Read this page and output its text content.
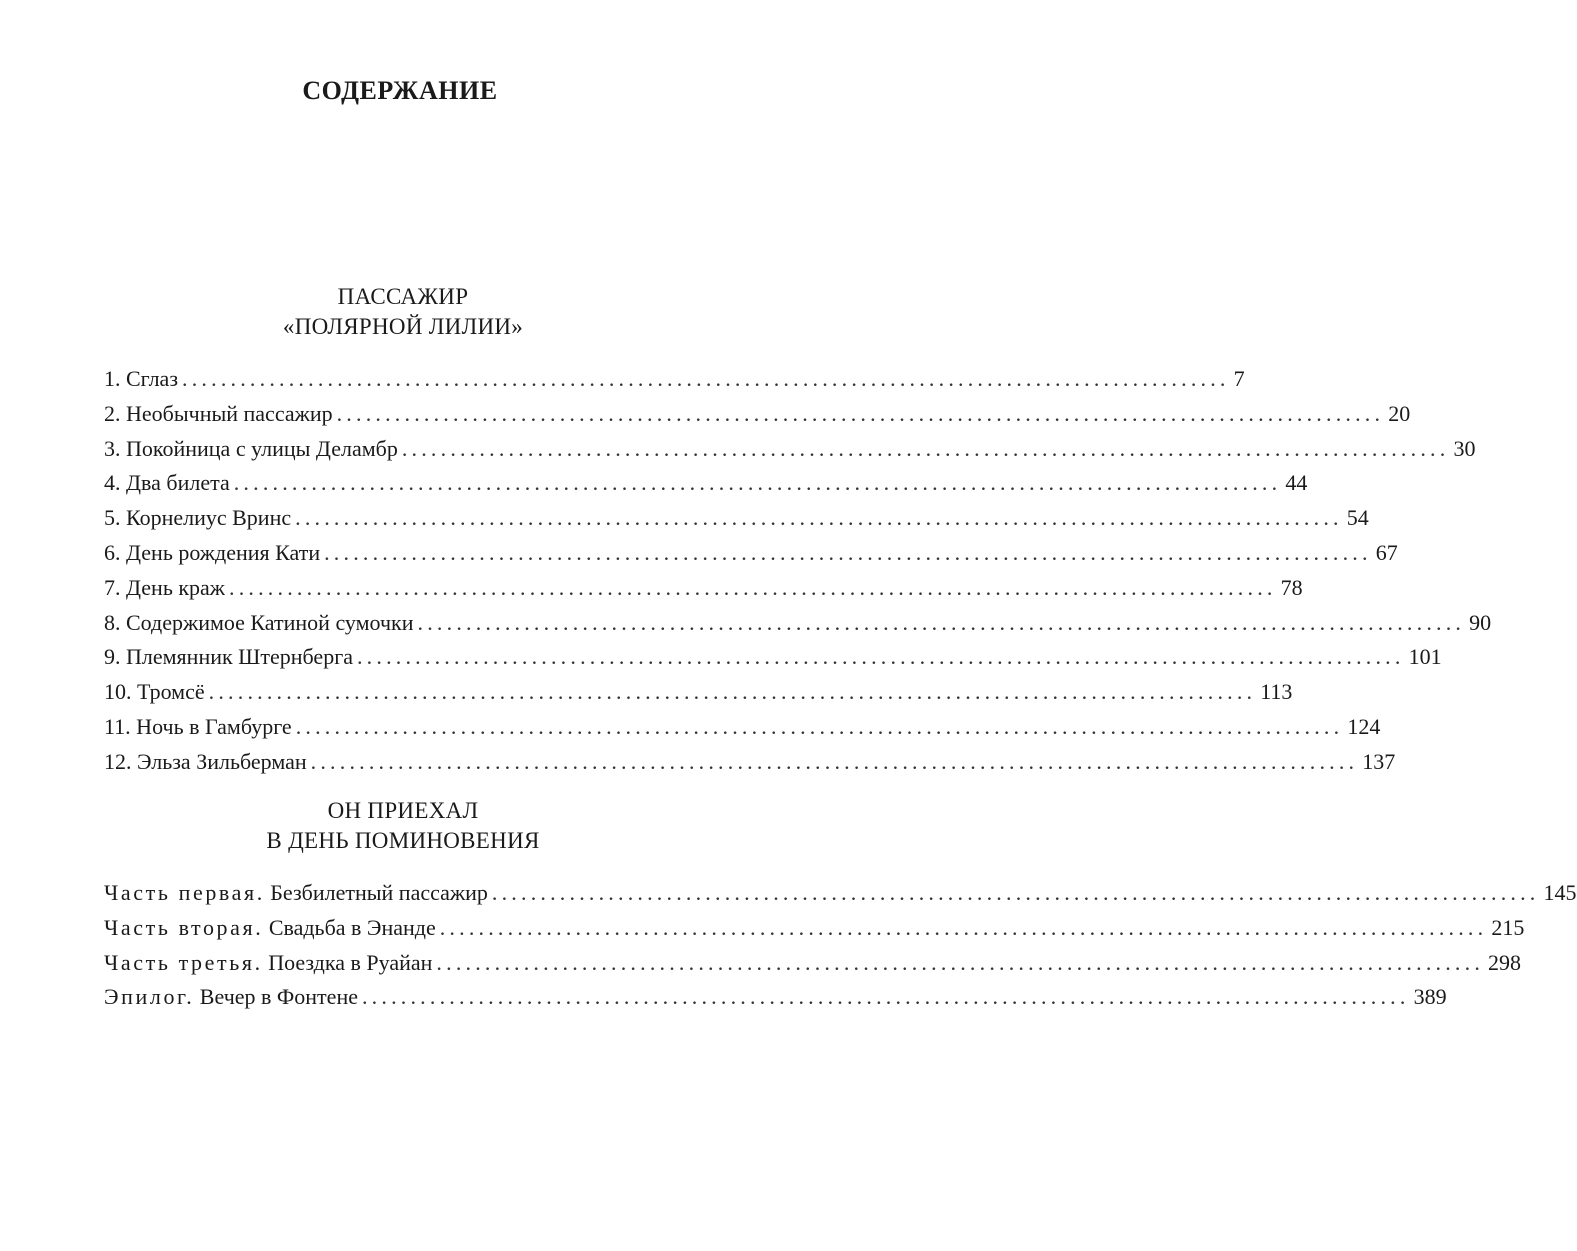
СОДЕРЖАНИЕ
ПАССАЖИР
«ПОЛЯРНОЙ ЛИЛИИ»
1. Сглаз ............................................................................................................ 7
2. Необычный пассажир ............................................................................................................ 20
3. Покойница с улицы Деламбр ............................................................................................................ 30
4. Два билета ............................................................................................................ 44
5. Корнелиус Вринс ............................................................................................................ 54
6. День рождения Кати ............................................................................................................ 67
7. День краж ............................................................................................................ 78
8. Содержимое Катиной сумочки ............................................................................................................ 90
9. Племянник Штернберга ............................................................................................................ 101
10. Тромсё ............................................................................................................ 113
11. Ночь в Гамбурге ............................................................................................................ 124
12. Эльза Зильберман ............................................................................................................ 137
ОН ПРИЕХАЛ
В ДЕНЬ ПОМИНОВЕНИЯ
Часть первая. Безбилетный пассажир ............................................................................................................ 145
Часть вторая. Свадьба в Энанде ............................................................................................................ 215
Часть третья. Поездка в Руайан ............................................................................................................ 298
Эпилог. Вечер в Фонтене ............................................................................................................ 389
